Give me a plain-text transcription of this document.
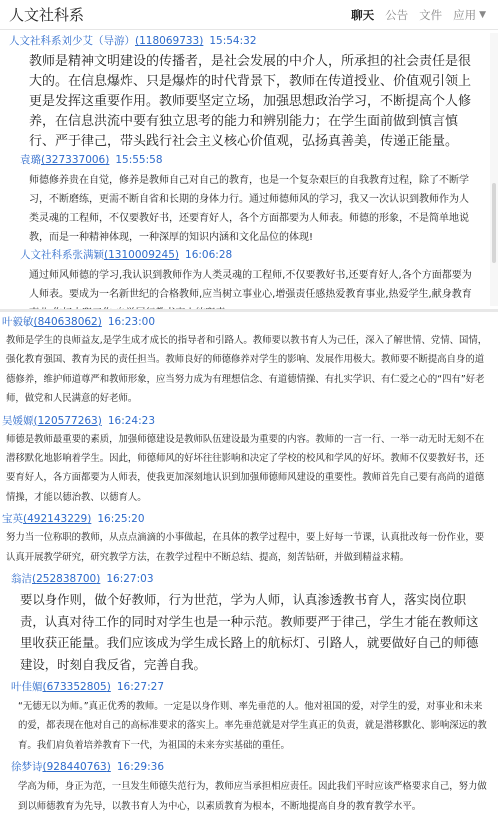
人文社科系	聊天 公告 文件 应用 ▼
人文社科系刘少艾（导游）(118069733) 15:54:32
教师是精神文明建设的传播者，是社会发展的中介人，所承担的社会责任是很大的。在信息爆炸、只是爆炸的时代背景下，教师在传道授业、价值观引领上更是发挥这重要作用。教师要坚定立场，加强思想政治学习，不断提高个人修养，在信息洪流中要有独立思考的能力和辨别能力；在学生面前做到慎言慎行、严于律己，带头践行社会主义核心价值观，弘扬真善美，传递正能量。
袁璐(327337006) 15:55:58
师德修养贵在自觉，修养是教师自己对自己的教育，也是一个复杂艰巨的自我教育过程，除了不断学习，不断磨练，更需不断自省和长期的身体力行。通过师德师风的学习，我又一次认识到教师作为人类灵魂的工程师，不仅要教好书，还要育好人，各个方面都要为人师表。师德的形象，不是简单地说教，而是一种精神体现，一种深厚的知识内涵和文化品位的体现!
人文社科系张满颖(1310009245) 16:06:28
通过师风师德的学习,我认识到教师作为人类灵魂的工程师,不仅要教好书,还要育好人,各个方面都要为人师表。要成为一名新世纪的合格教师,应当树立事业心,增强责任感热爱教育事业,热爱学生,献身教育
叶毅敏(840638062) 16:23:00
教师是学生的良师益友,是学生成才成长的指导者和引路人。教师要以教书育人为己任，深入了解世情、党情、国情，强化教育强国、教育为民的责任担当。教师良好的师德修养对学生的影响、发展作用极大。教师要不断提高自身的道德修养，维护师道尊严和教师形象，应当努力成为有理想信念、有道德情操、有扎实学识、有仁爱之心的“四有”好老师，做党和人民满意的好老师。
吴媛嫄(120577263) 16:24:23
师德是教师最重要的素质，加强师德建设是教师队伍建设最为重要的内容。教师的一言一行、一举一动无时无刻不在潜移默化地影响着学生。因此，师德师风的好坏往往影响和决定了学校的校风和学风的好坏。教师不仅要教好书，还要育好人，各方面都要为人师表，使我更加深刻地认识到加强师德师风建设的重要性。教师首先自己要有高尚的道德情操，才能以德治教、以德育人。
宝英(492143229) 16:25:20
努力当一位称职的教师，从点点滴滴的小事做起，在具体的教学过程中，要上好每一节课，认真批改每一份作业，要认真开展教学研究，研究教学方法，在教学过程中不断总结、提高，刻苦钻研，并做到精益求精。
翁洁(252838700) 16:27:03
要以身作则，做个好教师，行为世范，学为人师，认真渗透教书育人，落实岗位职责，认真对待工作的同时对学生也是一种示范。教师要严于律己，学生才能在教师这里收获正能量。我们应该成为学生成长路上的航标灯、引路人，就要做好自己的师德建设，时刻自我反省，完善自我。
叶佳媚(673352805) 16:27:27
“无德无以为师。”真正优秀的教师。一定是以身作则、率先垂范的人。他对祖国的爱，对学生的爱，对事业和未来的爱，都表现在他对自己的高标准要求的落实上。率先垂范就是对学生真正的负责，就是潜移默化、影响深远的教育。我们肩负着培养教育下一代，为祖国的未来夯实基础的重任。
徐梦诗(928440763) 16:29:36
学高为师，身正为范，一旦发生师德失范行为，教师应当承担相应责任。因此我们平时应该严格要求自己，努力做到以师德教育为先导，以教书育人为中心，以素质教育为根本，不断地提高自身的教育教学水平。
